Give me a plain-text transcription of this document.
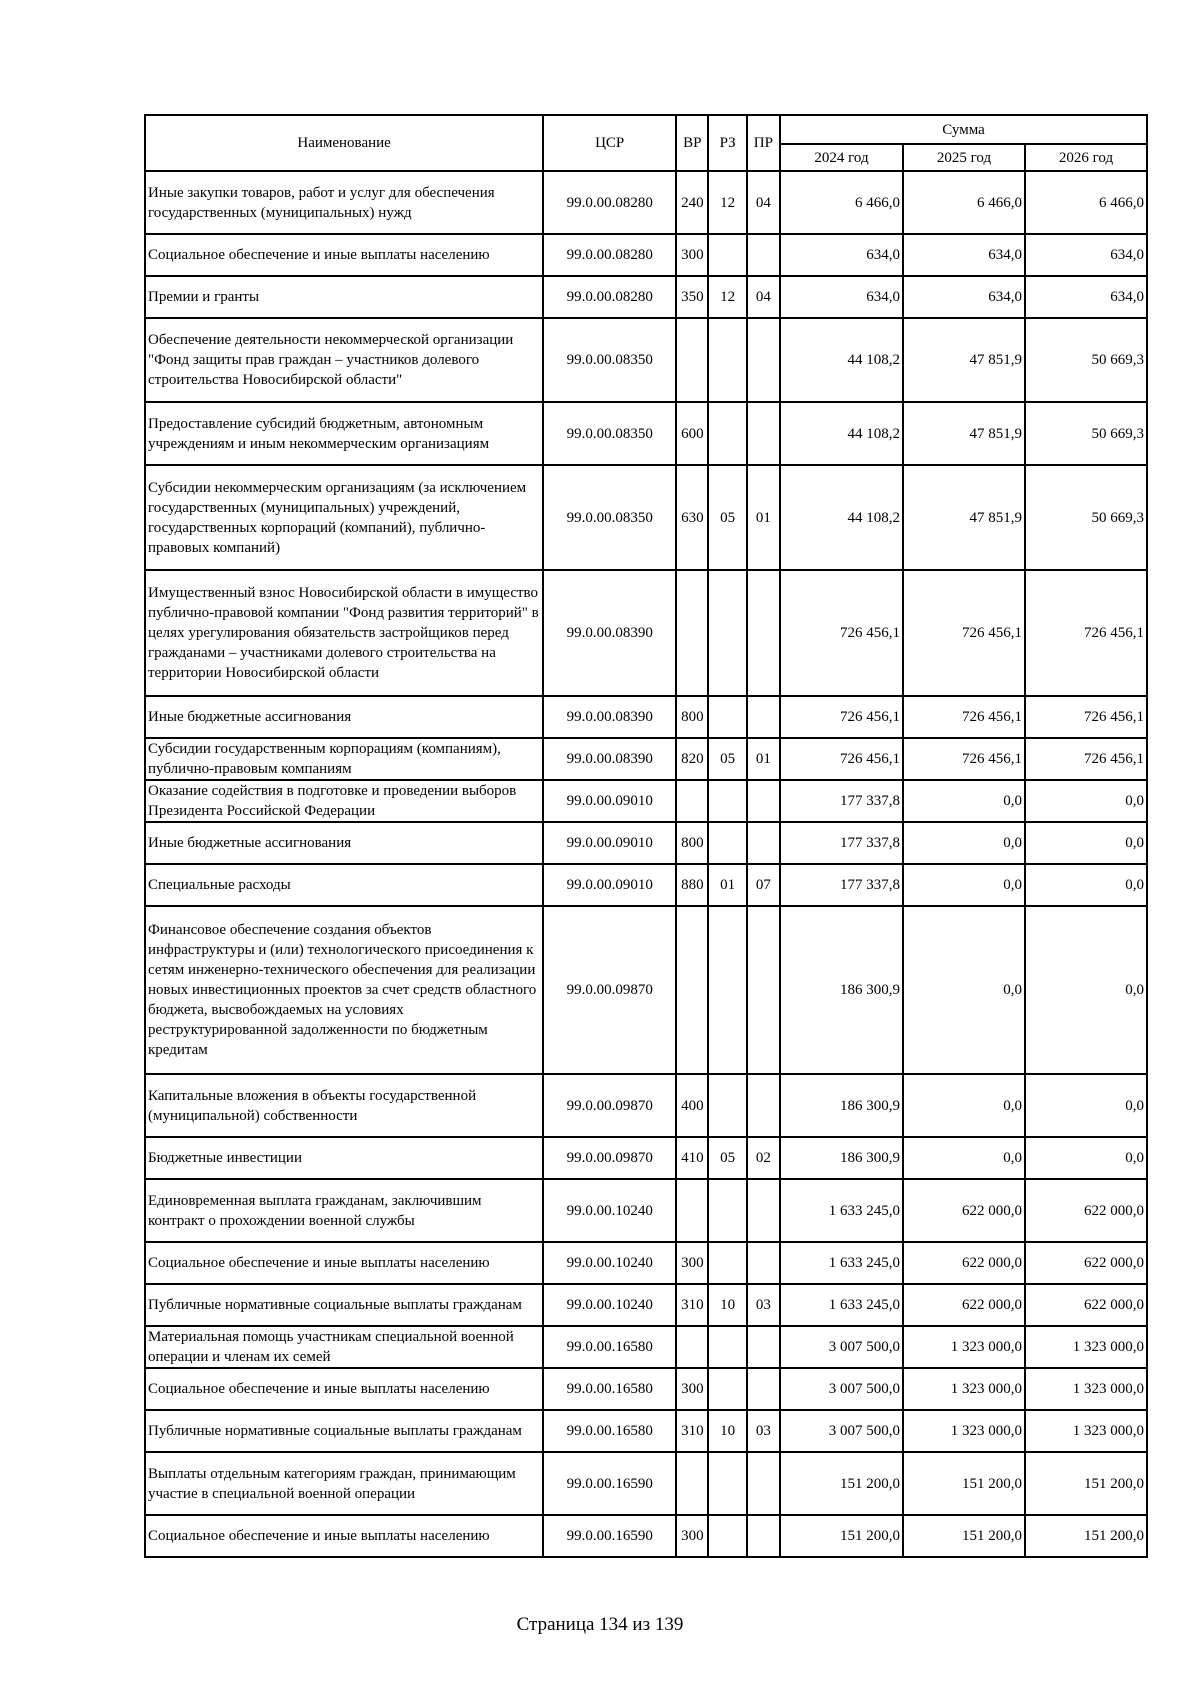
Наименование	ЦСР	ВР	РЗ	ПР	Сумма		
					2024 год	2025 год	2026 год
Иные закупки товаров, работ и услуг для обеспечения государственных (муниципальных) нужд	99.0.00.08280	240	12	04	6 466,0	6 466,0	6 466,0
Социальное обеспечение и иные выплаты населению	99.0.00.08280	300			634,0	634,0	634,0
Премии и гранты	99.0.00.08280	350	12	04	634,0	634,0	634,0
Обеспечение деятельности некоммерческой организации "Фонд защиты прав граждан – участников долевого строительства Новосибирской области"	99.0.00.08350				44 108,2	47 851,9	50 669,3
Предоставление субсидий бюджетным, автономным учреждениям и иным некоммерческим организациям	99.0.00.08350	600			44 108,2	47 851,9	50 669,3
Субсидии некоммерческим организациям (за исключением государственных (муниципальных) учреждений, государственных корпораций (компаний), публично-правовых компаний)	99.0.00.08350	630	05	01	44 108,2	47 851,9	50 669,3
Имущественный взнос Новосибирской области в имущество публично-правовой компании "Фонд развития территорий" в целях урегулирования обязательств застройщиков перед гражданами – участниками долевого строительства на территории Новосибирской области	99.0.00.08390				726 456,1	726 456,1	726 456,1
Иные бюджетные ассигнования	99.0.00.08390	800			726 456,1	726 456,1	726 456,1
Субсидии государственным корпорациям (компаниям), публично-правовым компаниям	99.0.00.08390	820	05	01	726 456,1	726 456,1	726 456,1
Оказание содействия в подготовке и проведении выборов Президента Российской Федерации	99.0.00.09010				177 337,8	0,0	0,0
Иные бюджетные ассигнования	99.0.00.09010	800			177 337,8	0,0	0,0
Специальные расходы	99.0.00.09010	880	01	07	177 337,8	0,0	0,0
Финансовое обеспечение создания объектов инфраструктуры и (или) технологического присоединения к сетям инженерно-технического обеспечения для реализации новых инвестиционных проектов за счет средств областного бюджета, высвобождаемых на условиях реструктурированной задолженности по бюджетным кредитам	99.0.00.09870				186 300,9	0,0	0,0
Капитальные вложения в объекты государственной (муниципальной) собственности	99.0.00.09870	400			186 300,9	0,0	0,0
Бюджетные инвестиции	99.0.00.09870	410	05	02	186 300,9	0,0	0,0
Единовременная выплата гражданам, заключившим контракт о прохождении военной службы	99.0.00.10240				1 633 245,0	622 000,0	622 000,0
Социальное обеспечение и иные выплаты населению	99.0.00.10240	300			1 633 245,0	622 000,0	622 000,0
Публичные нормативные социальные выплаты гражданам	99.0.00.10240	310	10	03	1 633 245,0	622 000,0	622 000,0
Материальная помощь участникам специальной военной операции и членам их семей	99.0.00.16580				3 007 500,0	1 323 000,0	1 323 000,0
Социальное обеспечение и иные выплаты населению	99.0.00.16580	300			3 007 500,0	1 323 000,0	1 323 000,0
Публичные нормативные социальные выплаты гражданам	99.0.00.16580	310	10	03	3 007 500,0	1 323 000,0	1 323 000,0
Выплаты отдельным категориям граждан, принимающим участие в специальной военной операции	99.0.00.16590				151 200,0	151 200,0	151 200,0
Социальное обеспечение и иные выплаты населению	99.0.00.16590	300			151 200,0	151 200,0	151 200,0
Страница 134 из 139
